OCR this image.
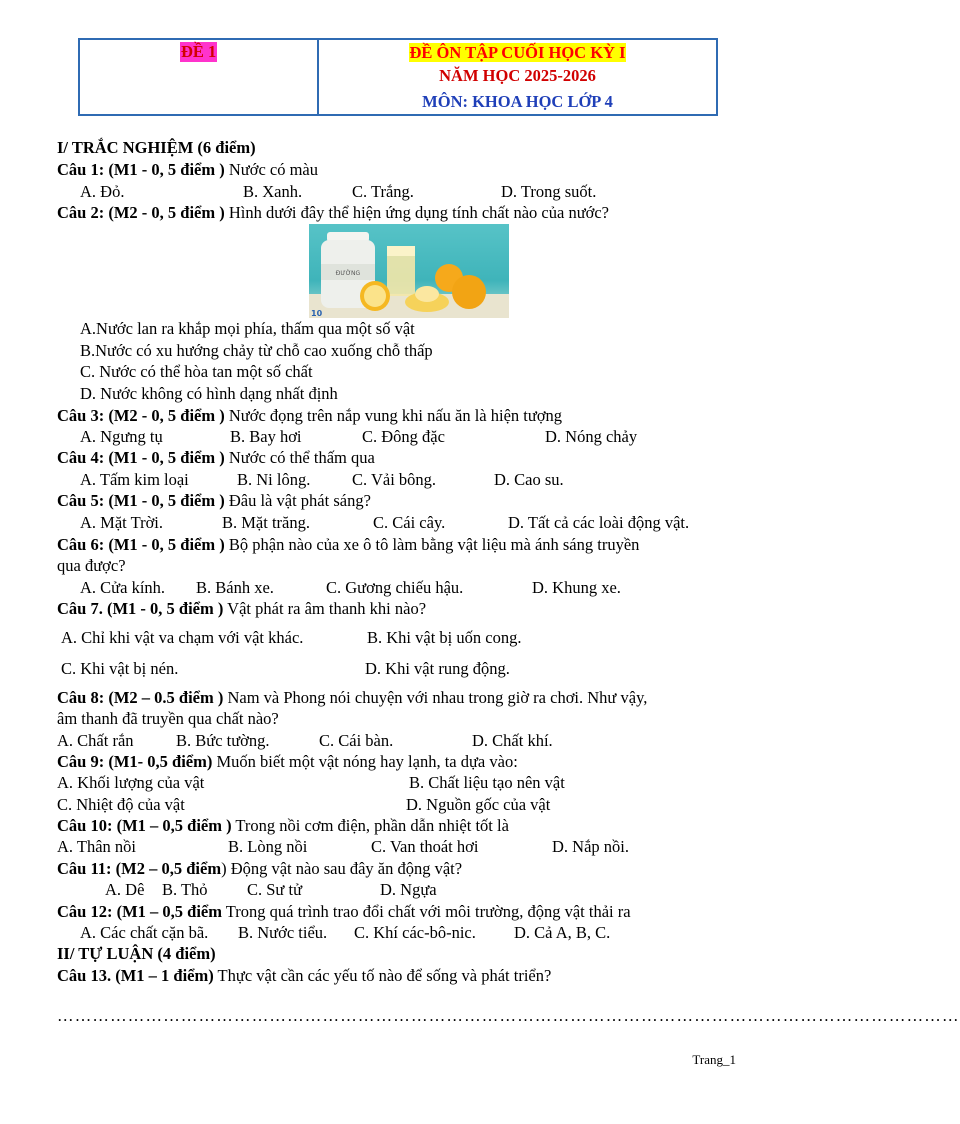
ĐỀ 1	ĐỀ ÔN TẬP CUỐI HỌC KỲ I
NĂM HỌC 2025-2026
MÔN: KHOA HỌC LỚP 4
I/ TRẮC NGHIỆM (6 điểm)
Câu 1: (M1 - 0, 5 điểm ) Nước có màu
A. Đỏ.	B. Xanh.	C. Trắng.	D. Trong suốt.
Câu 2: (M2 - 0, 5 điểm ) Hình dưới đây thể hiện ứng dụng tính chất nào của nước?
ĐƯỜNG
10
A.Nước lan ra khắp mọi phía, thấm qua một số vật
B.Nước có xu hướng chảy từ chỗ cao xuống chỗ thấp
C. Nước có thể hòa tan một số chất
D. Nước không có hình dạng nhất định
Câu 3: (M2 - 0, 5 điểm ) Nước đọng trên nắp vung khi nấu ăn là hiện tượng
A. Ngưng tụ	B. Bay hơi	C. Đông đặc	D. Nóng chảy
Câu 4: (M1 - 0, 5 điểm ) Nước có thể thấm qua
A. Tấm kim loại	B. Ni lông.	C. Vải bông.	D. Cao su.
Câu 5: (M1 - 0, 5 điểm ) Đâu là vật phát sáng?
A. Mặt Trời.	B. Mặt trăng.	C. Cái cây.	D. Tất cả các loài động vật.
Câu 6: (M1 - 0, 5 điểm ) Bộ phận nào của xe ô tô làm bằng vật liệu mà ánh sáng truyền
qua được?
A. Cửa kính. B. Bánh xe.	C. Gương chiếu hậu.	D. Khung xe.
Câu 7. (M1 - 0, 5 điểm ) Vật phát ra âm thanh khi nào?
A. Chỉ khi vật va chạm với vật khác.	B. Khi vật bị uốn cong.
C. Khi vật bị nén.	D. Khi vật rung động.
Câu 8: (M2 – 0.5 điểm ) Nam và Phong nói chuyện với nhau trong giờ ra chơi. Như vậy,
âm thanh đã truyền qua chất nào?
A. Chất rắn	B. Bức tường.	C. Cái bàn.	D. Chất khí.
Câu 9: (M1- 0,5 điểm) Muốn biết một vật nóng hay lạnh, ta dựa vào:
A. Khối lượng của vật	B. Chất liệu tạo nên vật
C. Nhiệt độ của vật	D. Nguồn gốc của vật
Câu 10: (M1 – 0,5 điểm ) Trong nồi cơm điện, phần dẫn nhiệt tốt là
A. Thân nồi	B. Lòng nồi	C. Van thoát hơi	D. Nắp nồi.
Câu 11: (M2 – 0,5 điểm) Động vật nào sau đây ăn động vật?
A. Dê B. Thỏ C. Sư tử	D. Ngựa
Câu 12: (M1 – 0,5 điểm Trong quá trình trao đổi chất với môi trường, động vật thải ra
A. Các chất cặn bã. B. Nước tiểu. C. Khí các-bô-nic. D. Cả A, B, C.
II/ TỰ LUẬN (4 điểm)
Câu 13. (M1 – 1 điểm) Thực vật cần các yếu tố nào để sống và phát triển?
………………………………………………………………………………………………………………………………………
Trang_1
